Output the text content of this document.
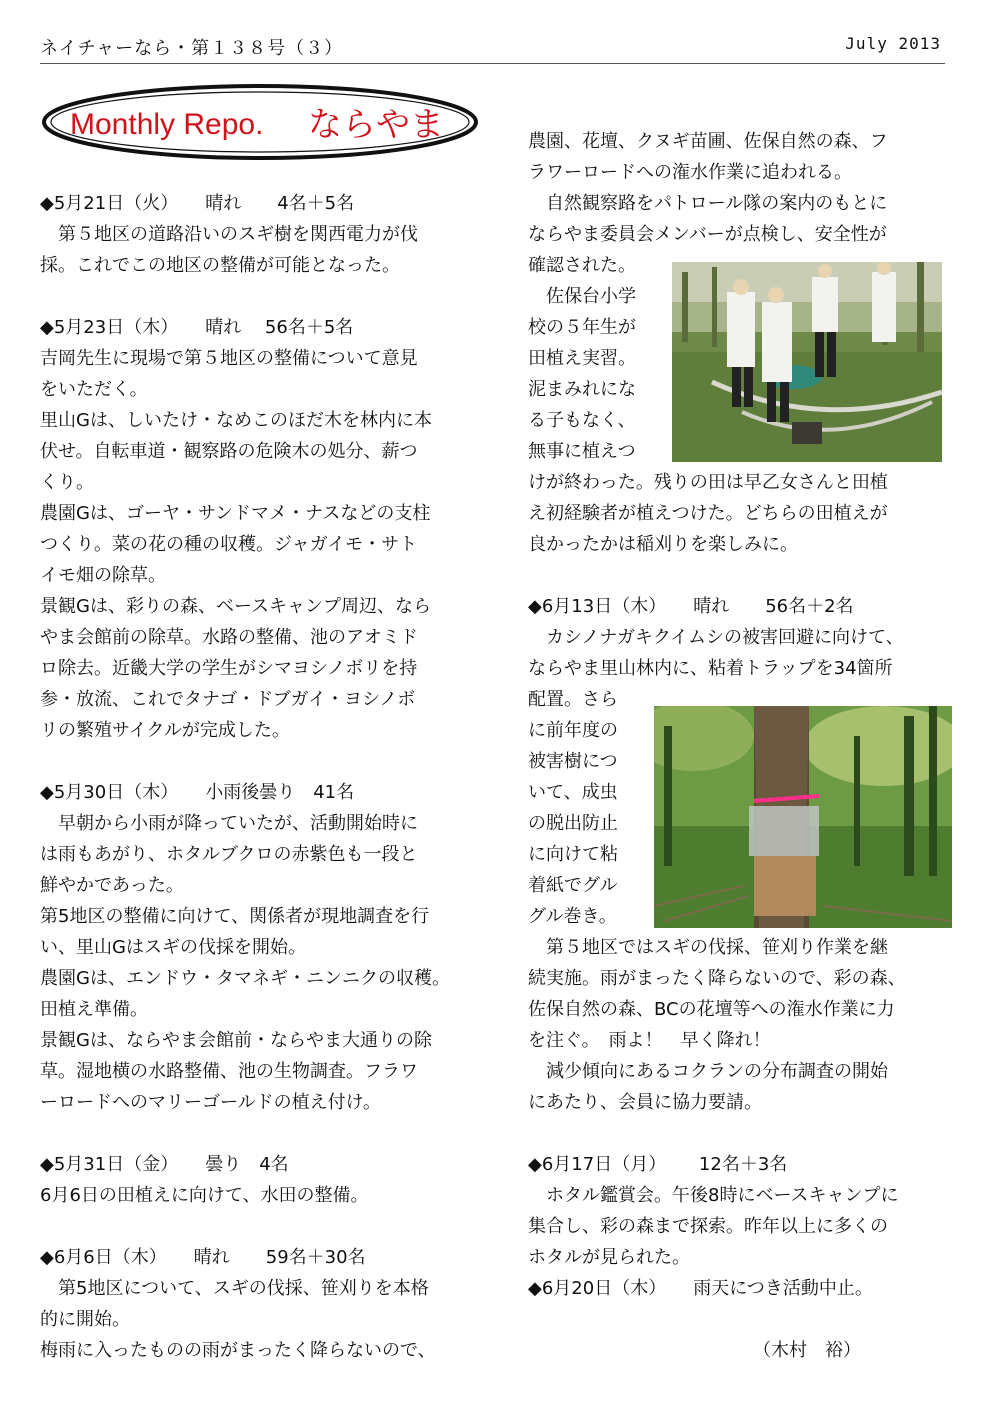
ネイチャーなら・第１３８号（３）	July 2013
Monthly Repo. ならやま

◆5月21日（火）　　晴れ　　4名＋5名

　第５地区の道路沿いのスギ樹を関西電力が伐

採。これでこの地区の整備が可能となった。

◆5月23日（木）　　晴れ　 56名＋5名

吉岡先生に現場で第５地区の整備について意見

をいただく。

里山Gは、しいたけ・なめこのほだ木を林内に本

伏せ。自転車道・観察路の危険木の処分、薪つ

くり。

農園Gは、ゴーヤ・サンドマメ・ナスなどの支柱

つくり。菜の花の種の収穫。ジャガイモ・サト

イモ畑の除草。

景観Gは、彩りの森、ベースキャンプ周辺、なら

やま会館前の除草。水路の整備、池のアオミド

ロ除去。近畿大学の学生がシマヨシノボリを持

参・放流、これでタナゴ・ドブガイ・ヨシノボ

リの繁殖サイクルが完成した。

◆5月30日（木）　　小雨後曇り　41名

　早朝から小雨が降っていたが、活動開始時に

は雨もあがり、ホタルブクロの赤紫色も一段と

鮮やかであった。

第5地区の整備に向けて、関係者が現地調査を行

い、里山Gはスギの伐採を開始。

農園Gは、エンドウ・タマネギ・ニンニクの収穫。

田植え準備。

景観Gは、ならやま会館前・ならやま大通りの除

草。湿地横の水路整備、池の生物調査。フラワ

ーロードへのマリーゴールドの植え付け。

◆5月31日（金）　　曇り　4名

6月6日の田植えに向けて、水田の整備。

◆6月6日（木）　　晴れ　　59名＋30名

　第5地区について、スギの伐採、笹刈りを本格

的に開始。

梅雨に入ったものの雨がまったく降らないので、

農園、花壇、クヌギ苗圃、佐保自然の森、フ

ラワーロードへの潅水作業に追われる。

　自然観察路をパトロール隊の案内のもとに

ならやま委員会メンバーが点検し、安全性が

確認された。

　佐保台小学

校の５年生が

田植え実習。

泥まみれにな

る子もなく、

無事に植えつ

けが終わった。残りの田は早乙女さんと田植

え初経験者が植えつけた。どちらの田植えが

良かったかは稲刈りを楽しみに。

◆6月13日（木）　　晴れ　　56名＋2名

　カシノナガキクイムシの被害回避に向けて、

ならやま里山林内に、粘着トラップを34箇所

配置。さら

に前年度の

被害樹につ

いて、成虫

の脱出防止

に向けて粘

着紙でグル

グル巻き。

　第５地区ではスギの伐採、笹刈り作業を継

続実施。雨がまったく降らないので、彩の森、

佐保自然の森、BCの花壇等への潅水作業に力

を注ぐ。　雨よ！　早く降れ！

　減少傾向にあるコクランの分布調査の開始

にあたり、会員に協力要請。

◆6月17日（月）　　 12名＋3名

　ホタル鑑賞会。午後8時にベースキャンプに

集合し、彩の森まで探索。昨年以上に多くの

ホタルが見られた。

◆6月20日（木）　　雨天につき活動中止。

　　　　　　　　　　　　　（木村　裕）
